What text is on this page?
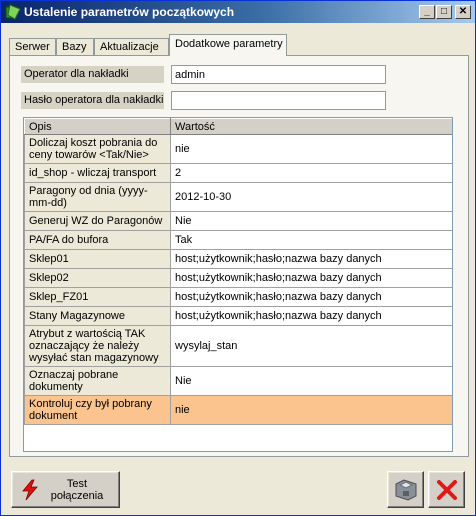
Ustalenie parametrów początkowych	_	□	✕
Serwer	Bazy	Aktualizacje	Dodatkowe parametry
Operator dla nakładki
admin
Hasło operatora dla nakładki
Opis	Wartość
Doliczaj koszt pobrania do ceny towarów <Tak/Nie>	nie
id_shop - wliczaj transport	2
Paragony od dnia (yyyy-mm-dd)	2012-10-30
Generuj WZ do Paragonów	Nie
PA/FA do bufora	Tak
Sklep01	host;użytkownik;hasło;nazwa bazy danych
Sklep02	host;użytkownik;hasło;nazwa bazy danych
Sklep_FZ01	host;użytkownik;hasło;nazwa bazy danych
Stany Magazynowe	host;użytkownik;hasło;nazwa bazy danych
Atrybut z wartością TAK oznaczający że należy wysyłać stan magazynowy	wysylaj_stan
Oznaczaj pobrane dokumenty	Nie
Kontroluj czy był pobrany dokument	nie
Test połączenia
